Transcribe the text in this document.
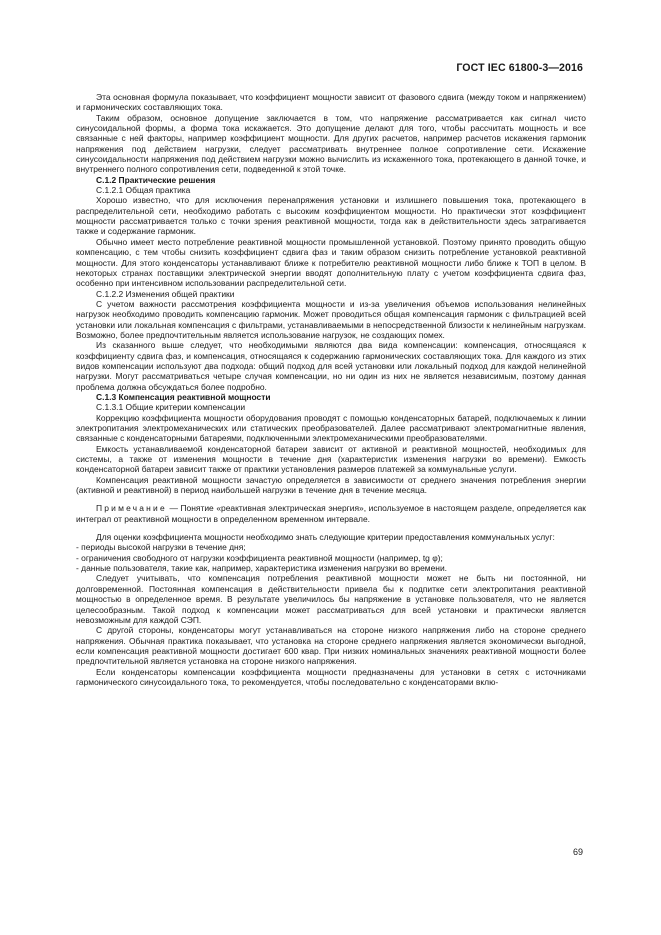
ГОСТ IEC 61800-3—2016

Эта основная формула показывает, что коэффициент мощности зависит от фазового сдвига (между током и напряжением) и гармонических составляющих тока.

Таким образом, основное допущение заключается в том, что напряжение рассматривается как сигнал чисто синусоидальной формы, а форма тока искажается. Это допущение делают для того, чтобы рассчитать мощность и все связанные с ней факторы, например коэффициент мощности. Для других расчетов, например расчетов искажения гармоник напряжения под действием нагрузки, следует рассматривать внутреннее полное сопротивление сети. Искажение синусоидальности напряжения под действием нагрузки можно вычислить из искаженного тока, протекающего в данной точке, и внутреннего полного сопротивления сети, подведенной к этой точке.

С.1.2 Практические решения

С.1.2.1 Общая практика

Хорошо известно, что для исключения перенапряжения установки и излишнего повышения тока, протекающего в распределительной сети, необходимо работать с высоким коэффициентом мощности. Но практически этот коэффициент мощности рассматривается только с точки зрения реактивной мощности, тогда как в действительности здесь затрагивается также и содержание гармоник.

Обычно имеет место потребление реактивной мощности промышленной установкой. Поэтому принято проводить общую компенсацию, с тем чтобы снизить коэффициент сдвига фаз и таким образом снизить потребление установкой реактивной мощности. Для этого конденсаторы устанавливают ближе к потребителю реактивной мощности либо ближе к ТОП в целом. В некоторых странах поставщики электрической энергии вводят дополнительную плату с учетом коэффициента сдвига фаз, особенно при интенсивном использовании распределительной сети.

С.1.2.2 Изменения общей практики

С учетом важности рассмотрения коэффициента мощности и из-за увеличения объемов использования нелинейных нагрузок необходимо проводить компенсацию гармоник. Может проводиться общая компенсация гармоник с фильтрацией всей установки или локальная компенсация с фильтрами, устанавливаемыми в непосредственной близости к нелинейным нагрузкам. Возможно, более предпочтительным является использование нагрузок, не создающих помех.

Из сказанного выше следует, что необходимыми являются два вида компенсации: компенсация, относящаяся к коэффициенту сдвига фаз, и компенсация, относящаяся к содержанию гармонических составляющих тока. Для каждого из этих видов компенсации используют два подхода: общий подход для всей установки или локальный подход для каждой нелинейной нагрузки. Могут рассматриваться четыре случая компенсации, но ни один из них не является независимым, поэтому данная проблема должна обсуждаться более подробно.

С.1.3 Компенсация реактивной мощности

С.1.3.1 Общие критерии компенсации

Коррекцию коэффициента мощности оборудования проводят с помощью конденсаторных батарей, подключаемых к линии электропитания электромеханических или статических преобразователей. Далее рассматривают электромагнитные явления, связанные с конденсаторными батареями, подключенными электромеханическими преобразователями.

Емкость устанавливаемой конденсаторной батареи зависит от активной и реактивной мощностей, необходимых для системы, а также от изменения мощности в течение дня (характеристик изменения нагрузки во времени). Емкость конденсаторной батареи зависит также от практики установления размеров платежей за коммунальные услуги.

Компенсация реактивной мощности зачастую определяется в зависимости от среднего значения потребления энергии (активной и реактивной) в период наибольшей нагрузки в течение дня в течение месяца.

Примечание — Понятие «реактивная электрическая энергия», используемое в настоящем разделе, определяется как интеграл от реактивной мощности в определенном временном интервале.

Для оценки коэффициента мощности необходимо знать следующие критерии предоставления коммунальных услуг:

- периоды высокой нагрузки в течение дня;

- ограничения свободного от нагрузки коэффициента реактивной мощности (например, tg φ);

- данные пользователя, такие как, например, характеристика изменения нагрузки во времени.

Следует учитывать, что компенсация потребления реактивной мощности может не быть ни постоянной, ни долговременной. Постоянная компенсация в действительности привела бы к подпитке сети электропитания реактивной мощностью в определенное время. В результате увеличилось бы напряжение в установке пользователя, что не является целесообразным. Такой подход к компенсации может рассматриваться для всей установки и практически является невозможным для каждой СЭП.

С другой стороны, конденсаторы могут устанавливаться на стороне низкого напряжения либо на стороне среднего напряжения. Обычная практика показывает, что установка на стороне среднего напряжения является экономически выгодной, если компенсация реактивной мощности достигает 600 квар. При низких номинальных значениях реактивной мощности более предпочтительной является установка на стороне низкого напряжения.

Если конденсаторы компенсации коэффициента мощности предназначены для установки в сетях с источниками гармонического синусоидального тока, то рекомендуется, чтобы последовательно с конденсаторами вклю-

69
